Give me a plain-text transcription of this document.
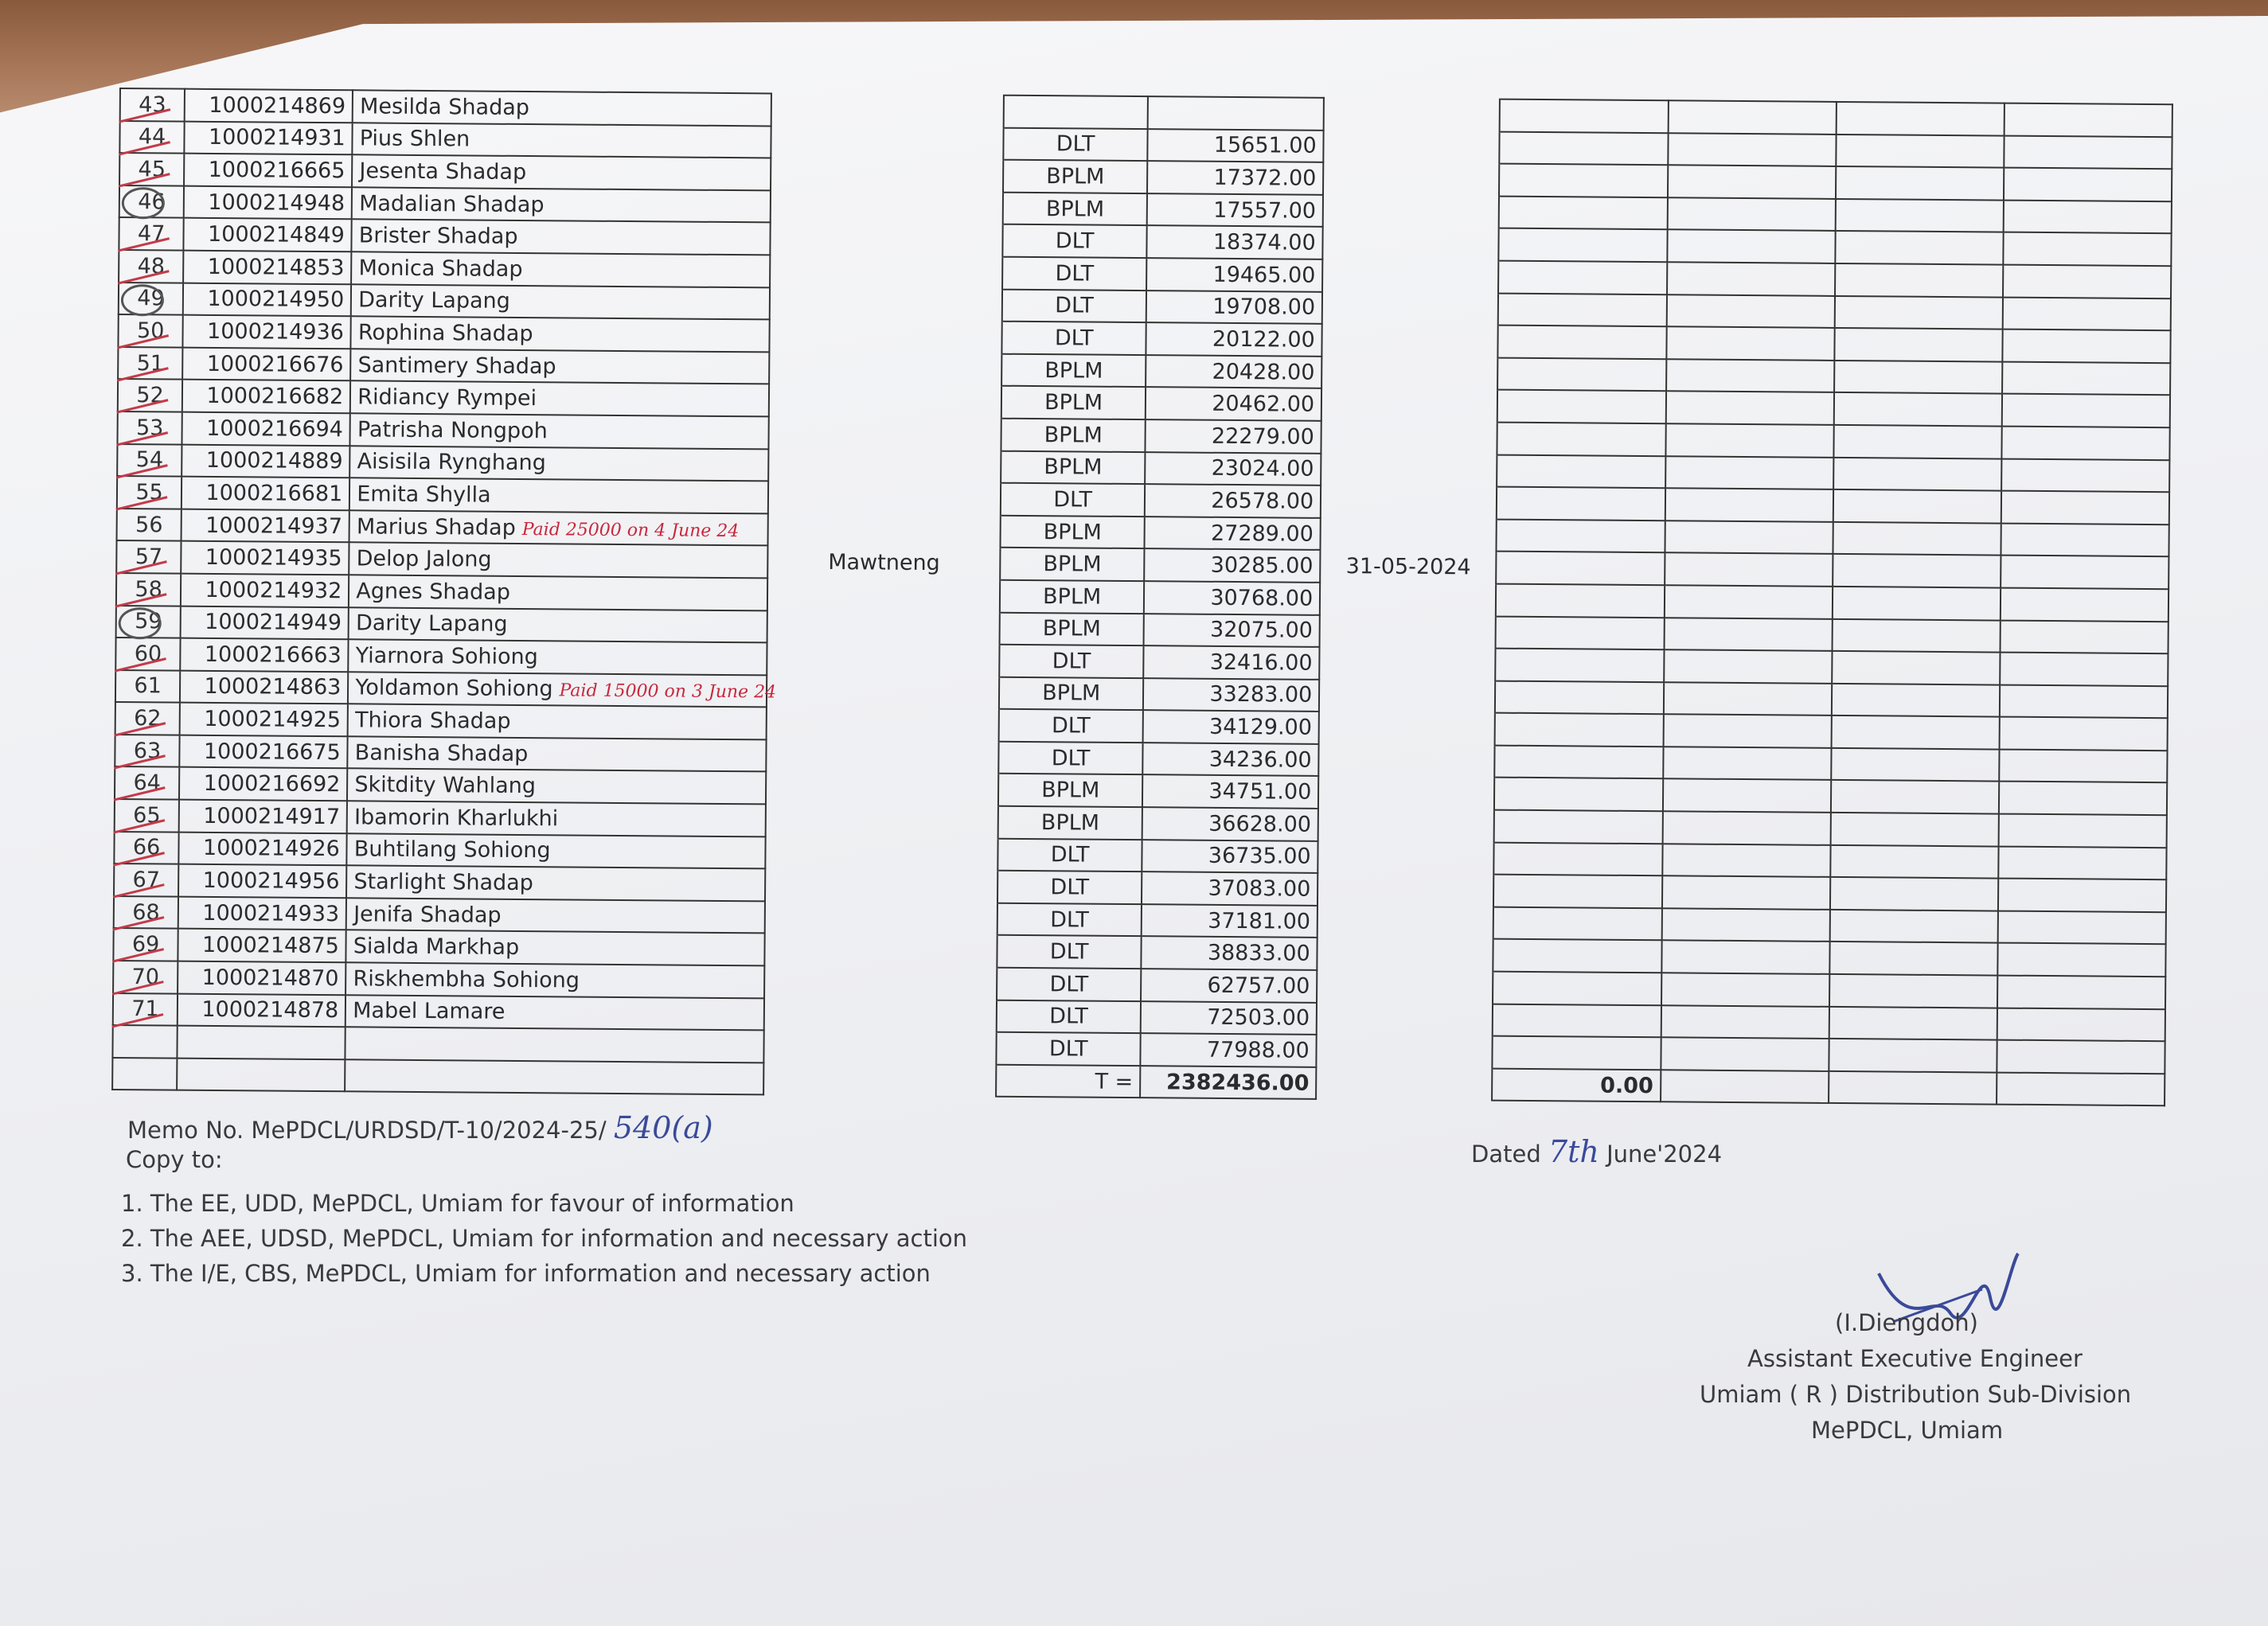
43	1000214869	Mesilda Shadap								
44	1000214931	Pius Shlen		DLT	15651.00					
45	1000216665	Jesenta Shadap		BPLM	17372.00					
46	1000214948	Madalian Shadap		BPLM	17557.00					
47	1000214849	Brister Shadap		DLT	18374.00					
48	1000214853	Monica Shadap		DLT	19465.00					
49	1000214950	Darity Lapang		DLT	19708.00					
50	1000214936	Rophina Shadap		DLT	20122.00					
51	1000216676	Santimery Shadap		BPLM	20428.00					
52	1000216682	Ridiancy Rympei		BPLM	20462.00					
53	1000216694	Patrisha Nongpoh		BPLM	22279.00					
54	1000214889	Aisisila Rynghang		BPLM	23024.00					
55	1000216681	Emita Shylla		DLT	26578.00					
56	1000214937	Marius Shadap Paid 25000 on 4 June 24		BPLM	27289.00					
57	1000214935	Delop Jalong	Mawtneng	BPLM	30285.00	31-05-2024				
58	1000214932	Agnes Shadap		BPLM	30768.00					
59	1000214949	Darity Lapang		BPLM	32075.00					
60	1000216663	Yiarnora Sohiong		DLT	32416.00					
61	1000214863	Yoldamon Sohiong Paid 15000 on 3 June 24		BPLM	33283.00					
62	1000214925	Thiora Shadap		DLT	34129.00					
63	1000216675	Banisha Shadap		DLT	34236.00					
64	1000216692	Skitdity Wahlang		BPLM	34751.00					
65	1000214917	Ibamorin Kharlukhi		BPLM	36628.00					
66	1000214926	Buhtilang Sohiong		DLT	36735.00					
67	1000214956	Starlight Shadap		DLT	37083.00					
68	1000214933	Jenifa Shadap		DLT	37181.00					
69	1000214875	Sialda Markhap		DLT	38833.00					
70	1000214870	Riskhembha Sohiong		DLT	62757.00					
71	1000214878	Mabel Lamare		DLT	72503.00					
				DLT	77988.00					
				T =	2382436.00		0.00			
Memo No. MePDCL/URDSD/T-10/2024-25/ 540(a)
Dated 7th June'2024
Copy to:
1. The EE, UDD, MePDCL, Umiam for favour of information
2. The AEE, UDSD, MePDCL, Umiam for information and necessary action
3. The I/E, CBS, MePDCL, Umiam for information and necessary action
(I.Diengdoh)
Assistant Executive Engineer
Umiam ( R ) Distribution Sub-Division
MePDCL, Umiam
